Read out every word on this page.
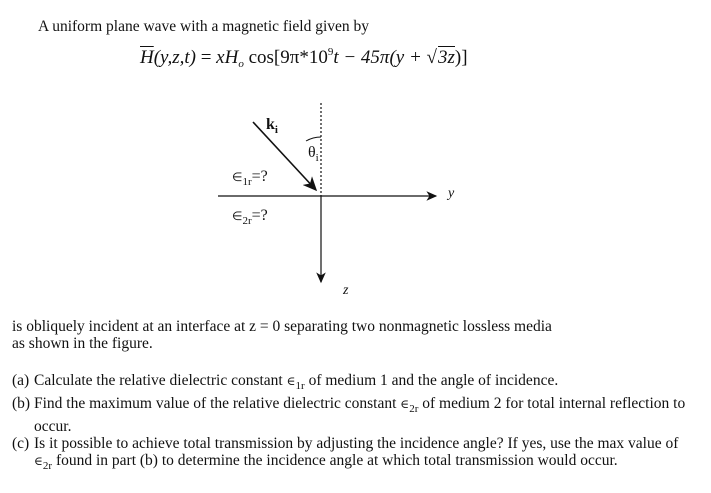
A uniform plane wave with a magnetic field given by
$\overline{H}(y,z,t) = xH_o$ $\cos[9\pi*10^9t - 45\pi(y + √3z)]$
$k_i$
$\theta_i$
$\in_{1r}=$?
$\in_{2r}=$?
y
z
is obliquely incident at an interface at z = 0 separating two nonmagnetic lossless media
as shown in the figure.
(a) Calculate the relative dielectric constant $\in_{1r}$ of medium 1 and the angle of incidence.
(b) Find the maximum value of the relative dielectric constant $\in_{2r}$ of medium 2 for total internal reflection to occur.
(c) Is it possible to achieve total transmission by adjusting the incidence angle? If yes, use the max value of $\in_{2r}$ found in part (b) to determine the incidence angle at which total transmission would occur.
